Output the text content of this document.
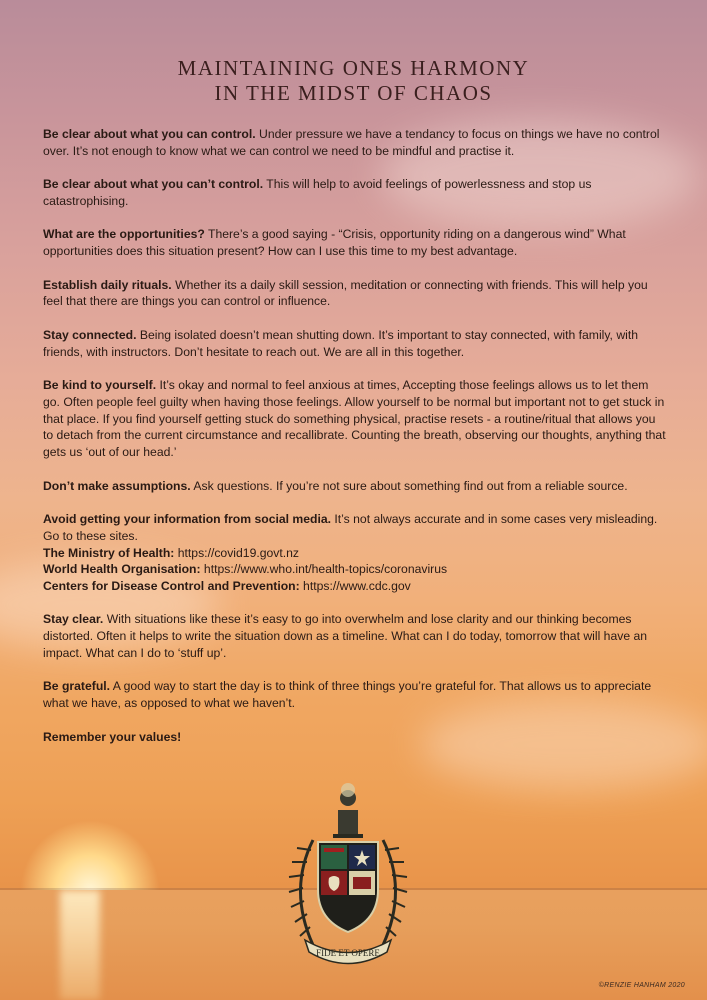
MAINTAINING ONES HARMONY
IN THE MIDST OF CHAOS

Be clear about what you can control. Under pressure we have a tendancy to focus on things we have no control over. It’s not enough to know what we can control we need to be mindful and practise it.

Be clear about what you can’t control. This will help to avoid feelings of powerlessness and stop us catastrophising.

What are the opportunities? There’s a good saying - “Crisis, opportunity riding on a dangerous wind” What opportunities does this situation present? How can I use this time to my best advantage.

Establish daily rituals. Whether its a daily skill session, meditation or connecting with friends. This will help you feel that there are things you can control or influence.

Stay connected. Being isolated doesn’t mean shutting down. It’s important to stay connected, with family, with friends, with instructors. Don’t hesitate to reach out. We are all in this together.

Be kind to yourself. It’s okay and normal to feel anxious at times, Accepting those feelings allows us to let them go. Often people feel guilty when having those feelings. Allow yourself to be normal but important not to get stuck in that place. If you find yourself getting stuck do something physical, practise resets - a routine/ritual that allows you to detach from the current circumstance and recallibrate. Counting the breath, observing our thoughts, anything that gets us ‘out of our head.’

Don’t make assumptions. Ask questions. If you’re not sure about something find out from a reliable source.

Avoid getting your information from social media. It’s not always accurate and in some cases very misleading. Go to these sites.

The Ministry of Health: https://covid19.govt.nz

World Health Organisation: https://www.who.int/health-topics/coronavirus

Centers for Disease Control and Prevention: https://www.cdc.gov

Stay clear. With situations like these it’s easy to go into overwhelm and lose clarity and our thinking becomes distorted. Often it helps to write the situation down as a timeline. What can I do today, tomorrow that will have an impact. What can I do to ‘stuff up’.

Be grateful. A good way to start the day is to think of three things you’re grateful for. That allows us to appreciate what we have, as opposed to what we haven’t.

Remember your values!

FIDE ET OPERE
©RENZIE HANHAM 2020
